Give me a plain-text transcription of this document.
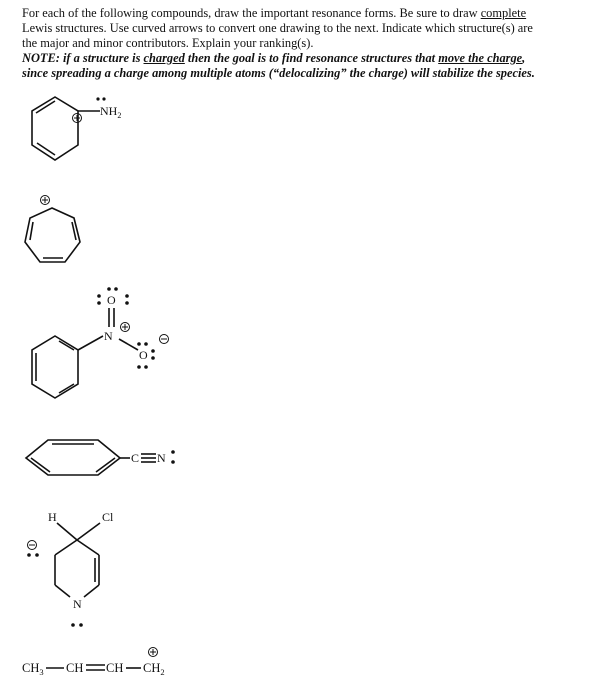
For each of the following compounds, draw the important resonance forms. Be sure to draw complete

Lewis structures. Use curved arrows to convert one drawing to the next. Indicate which structure(s) are

the major and minor contributors. Explain your ranking(s).

NOTE: if a structure is charged then the goal is to find resonance structures that move the charge,

since spreading a charge among multiple atoms (“delocalizing” the charge) will stabilize the species.

$NH_2$
N
O
O
C N
H	Cl
N
$CH_3$ CH CH $CH_2$
